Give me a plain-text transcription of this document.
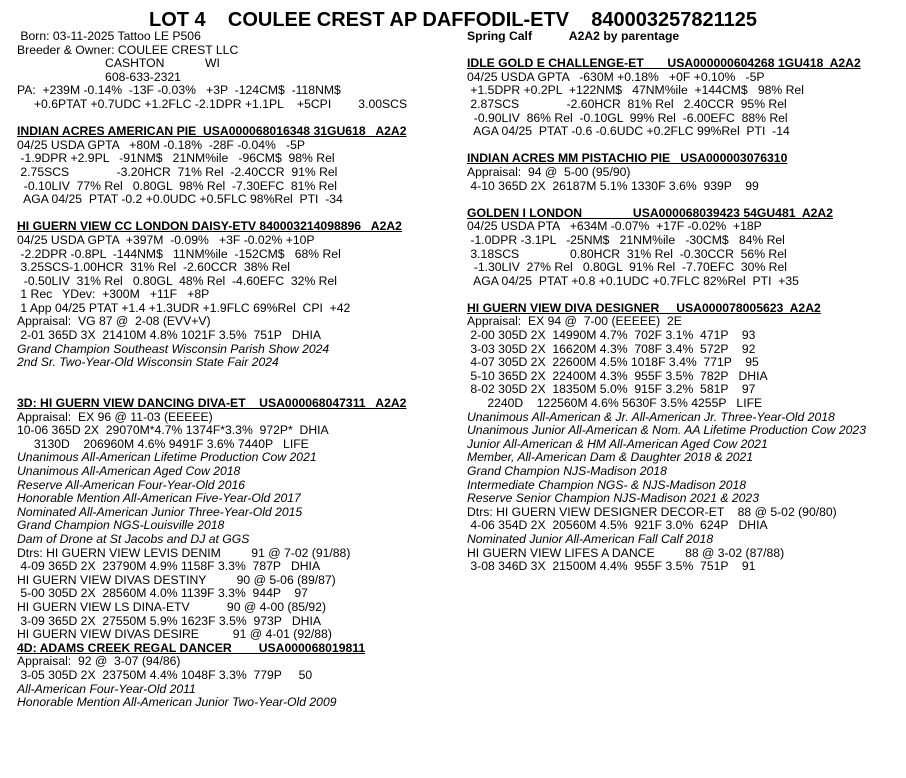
LOT 4    COULEE CREST AP DAFFODIL-ETV    840003257821125
Born: 03-11-2025 Tattoo LE P506
Breeder & Owner: COULEE CREST LLC
CASHTON            WI
608-633-2321
PA:  +239M -0.14%  -13F -0.03%   +3P  -124CM$  -118NM$
+0.6PTAT +0.7UDC +1.2FLC -2.1DPR +1.1PL    +5CPI        3.00SCS
INDIAN ACRES AMERICAN PIE  USA000068016348 31GU618   A2A2
04/25 USDA GPTA   +80M -0.18%  -28F -0.04%   -5P
-1.9DPR +2.9PL   -91NM$   21NM%ile   -96CM$  98% Rel
2.75SCS              -3.20HCR  71% Rel  -2.40CCR  91% Rel
-0.10LIV  77% Rel   0.80GL  98% Rel  -7.30EFC  81% Rel
AGA 04/25  PTAT -0.2 +0.0UDC +0.5FLC 98%Rel  PTI  -34
HI GUERN VIEW CC LONDON DAISY-ETV 840003214098896   A2A2
04/25 USDA GPTA  +397M  -0.09%   +3F -0.02% +10P
-2.2DPR -0.8PL  -144NM$   11NM%ile  -152CM$   68% Rel
3.25SCS-1.00HCR  31% Rel  -2.60CCR  38% Rel
-0.50LIV  31% Rel   0.80GL  48% Rel  -4.60EFC  32% Rel
1 Rec   YDev:  +300M   +11F   +8P
1 App 04/25 PTAT +1.4 +1.3UDR +1.9FLC 69%Rel  CPI  +42
Appraisal:  VG 87 @  2-08 (EVV+V)
2-01 365D 3X  21410M 4.8% 1021F 3.5%  751P   DHIA
Grand Champion Southeast Wisconsin Parish Show 2024
2nd Sr. Two-Year-Old Wisconsin State Fair 2024
3D: HI GUERN VIEW DANCING DIVA-ET    USA000068047311   A2A2
Appraisal:  EX 96 @ 11-03 (EEEEE)
10-06 365D 2X  29070M*4.7% 1374F*3.3%  972P*  DHIA
3130D    206960M 4.6% 9491F 3.6% 7440P   LIFE
Unanimous All-American Lifetime Production Cow 2021
Unanimous All-American Aged Cow 2018
Reserve All-American Four-Year-Old 2016
Honorable Mention All-American Five-Year-Old 2017
Nominated All-American Junior Three-Year-Old 2015
Grand Champion NGS-Louisville 2018
Dam of Drone at St Jacobs and DJ at GGS
Dtrs: HI GUERN VIEW LEVIS DENIM         91 @ 7-02 (91/88)
4-09 365D 2X  23790M 4.9% 1158F 3.3%  787P   DHIA
HI GUERN VIEW DIVAS DESTINY         90 @ 5-06 (89/87)
5-00 305D 2X  28560M 4.0% 1139F 3.3%  944P    97
HI GUERN VIEW LS DINA-ETV           90 @ 4-00 (85/92)
3-09 365D 2X  27550M 5.9% 1623F 3.5%  973P   DHIA
HI GUERN VIEW DIVAS DESIRE          91 @ 4-01 (92/88)
4D: ADAMS CREEK REGAL DANCER        USA000068019811
Appraisal:  92 @  3-07 (94/86)
3-05 305D 2X  23750M 4.4% 1048F 3.3%  779P     50
All-American Four-Year-Old 2011
Honorable Mention All-American Junior Two-Year-Old 2009
Spring Calf           A2A2 by parentage
IDLE GOLD E CHALLENGE-ET       USA000000604268 1GU418  A2A2
04/25 USDA GPTA   -630M +0.18%   +0F +0.10%   -5P
+1.5DPR +0.2PL  +122NM$   47NM%ile  +144CM$   98% Rel
2.87SCS              -2.60HCR  81% Rel   2.40CCR  95% Rel
-0.90LIV  86% Rel  -0.10GL  99% Rel  -6.00EFC  88% Rel
AGA 04/25  PTAT -0.6 -0.6UDC +0.2FLC 99%Rel  PTI  -14
INDIAN ACRES MM PISTACHIO PIE   USA000003076310
Appraisal:  94 @  5-00 (95/90)
4-10 365D 2X  26187M 5.1% 1330F 3.6%  939P    99
GOLDEN I LONDON               USA000068039423 54GU481  A2A2
04/25 USDA PTA   +634M -0.07%  +17F -0.02%  +18P
-1.0DPR -3.1PL   -25NM$   21NM%ile   -30CM$   84% Rel
3.18SCS               0.80HCR  31% Rel  -0.30CCR  56% Rel
-1.30LIV  27% Rel   0.80GL  91% Rel  -7.70EFC  30% Rel
AGA 04/25  PTAT +0.8 +0.1UDC +0.7FLC 82%Rel  PTI  +35
HI GUERN VIEW DIVA DESIGNER     USA000078005623  A2A2
Appraisal:  EX 94 @  7-00 (EEEEE)  2E
2-00 305D 2X  14990M 4.7%  702F 3.1%  471P    93
3-03 305D 2X  16620M 4.3%  708F 3.4%  572P    92
4-07 305D 2X  22600M 4.5% 1018F 3.4%  771P    95
5-10 365D 2X  22400M 4.3%  955F 3.5%  782P   DHIA
8-02 305D 2X  18350M 5.0%  915F 3.2%  581P    97
2240D    122560M 4.6% 5630F 3.5% 4255P   LIFE
Unanimous All-American & Jr. All-American Jr. Three-Year-Old 2018
Unanimous Junior All-American & Nom. AA Lifetime Production Cow 2023
Junior All-American & HM All-American Aged Cow 2021
Member, All-American Dam & Daughter 2018 & 2021
Grand Champion NJS-Madison 2018
Intermediate Champion NGS- & NJS-Madison 2018
Reserve Senior Champion NJS-Madison 2021 & 2023
Dtrs: HI GUERN VIEW DESIGNER DECOR-ET    88 @ 5-02 (90/80)
4-06 354D 2X  20560M 4.5%  921F 3.0%  624P   DHIA
Nominated Junior All-American Fall Calf 2018
HI GUERN VIEW LIFES A DANCE         88 @ 3-02 (87/88)
3-08 346D 3X  21500M 4.4%  955F 3.5%  751P    91
